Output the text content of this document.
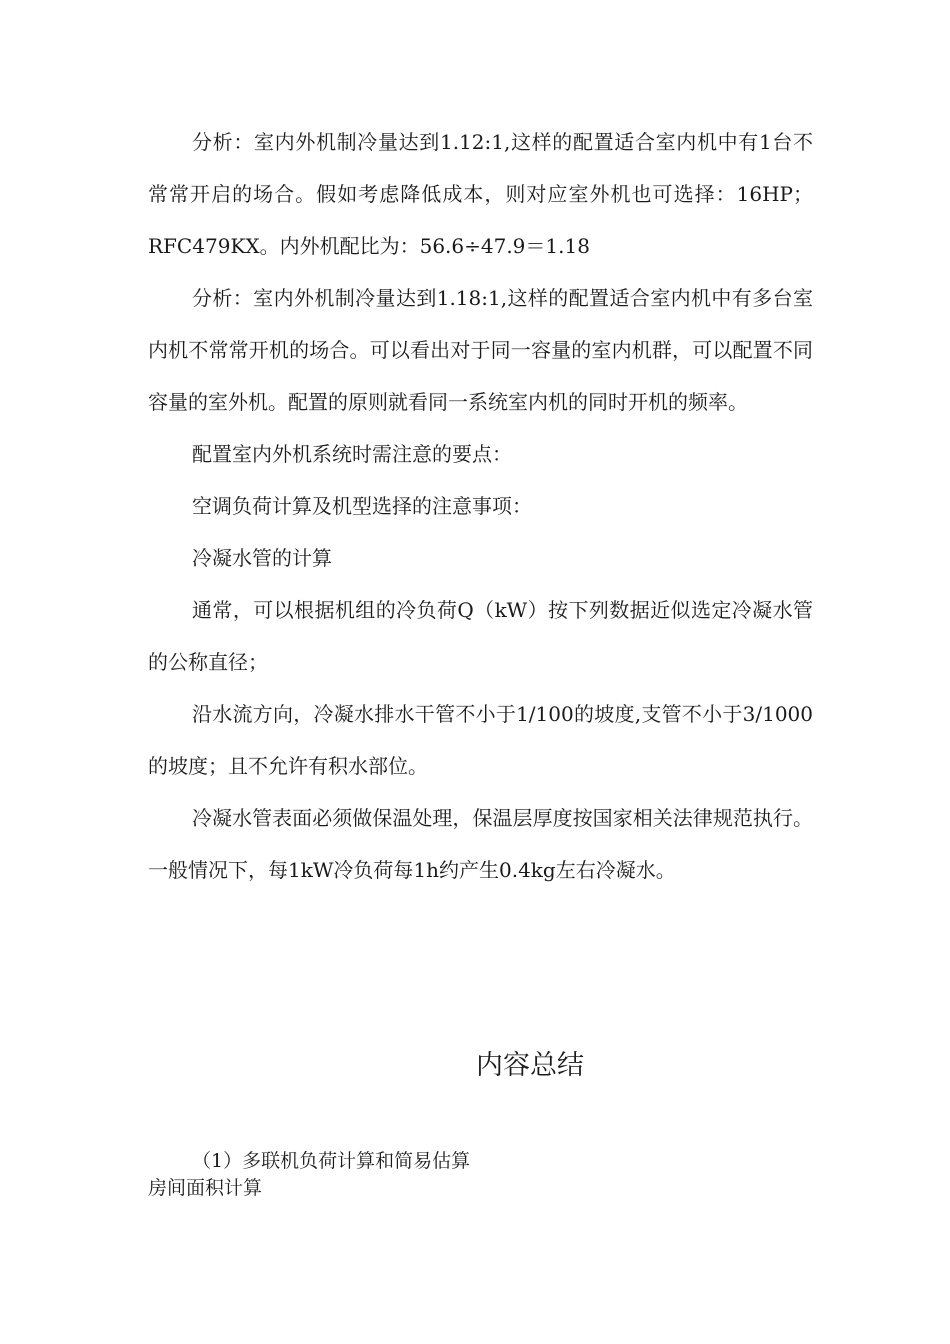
分析：室内外机制冷量达到1.12:1,这样的配置适合室内机中有1台不常常开启的场合。假如考虑降低成本，则对应室外机也可选择：16HP；RFC479KX。内外机配比为：56.6÷47.9＝1.18

分析：室内外机制冷量达到1.18:1,这样的配置适合室内机中有多台室内机不常常开机的场合。可以看出对于同一容量的室内机群，可以配置不同容量的室外机。配置的原则就看同一系统室内机的同时开机的频率。

配置室内外机系统时需注意的要点：

空调负荷计算及机型选择的注意事项：

冷凝水管的计算

通常，可以根据机组的冷负荷Q（kW）按下列数据近似选定冷凝水管的公称直径；

沿水流方向，冷凝水排水干管不小于1/100的坡度,支管不小于3/1000的坡度；且不允许有积水部位。

冷凝水管表面必须做保温处理，保温层厚度按国家相关法律规范执行。一般情况下，每1kW冷负荷每1h约产生0.4kg左右冷凝水。

内容总结
（1）多联机负荷计算和简易估算
房间面积计算
